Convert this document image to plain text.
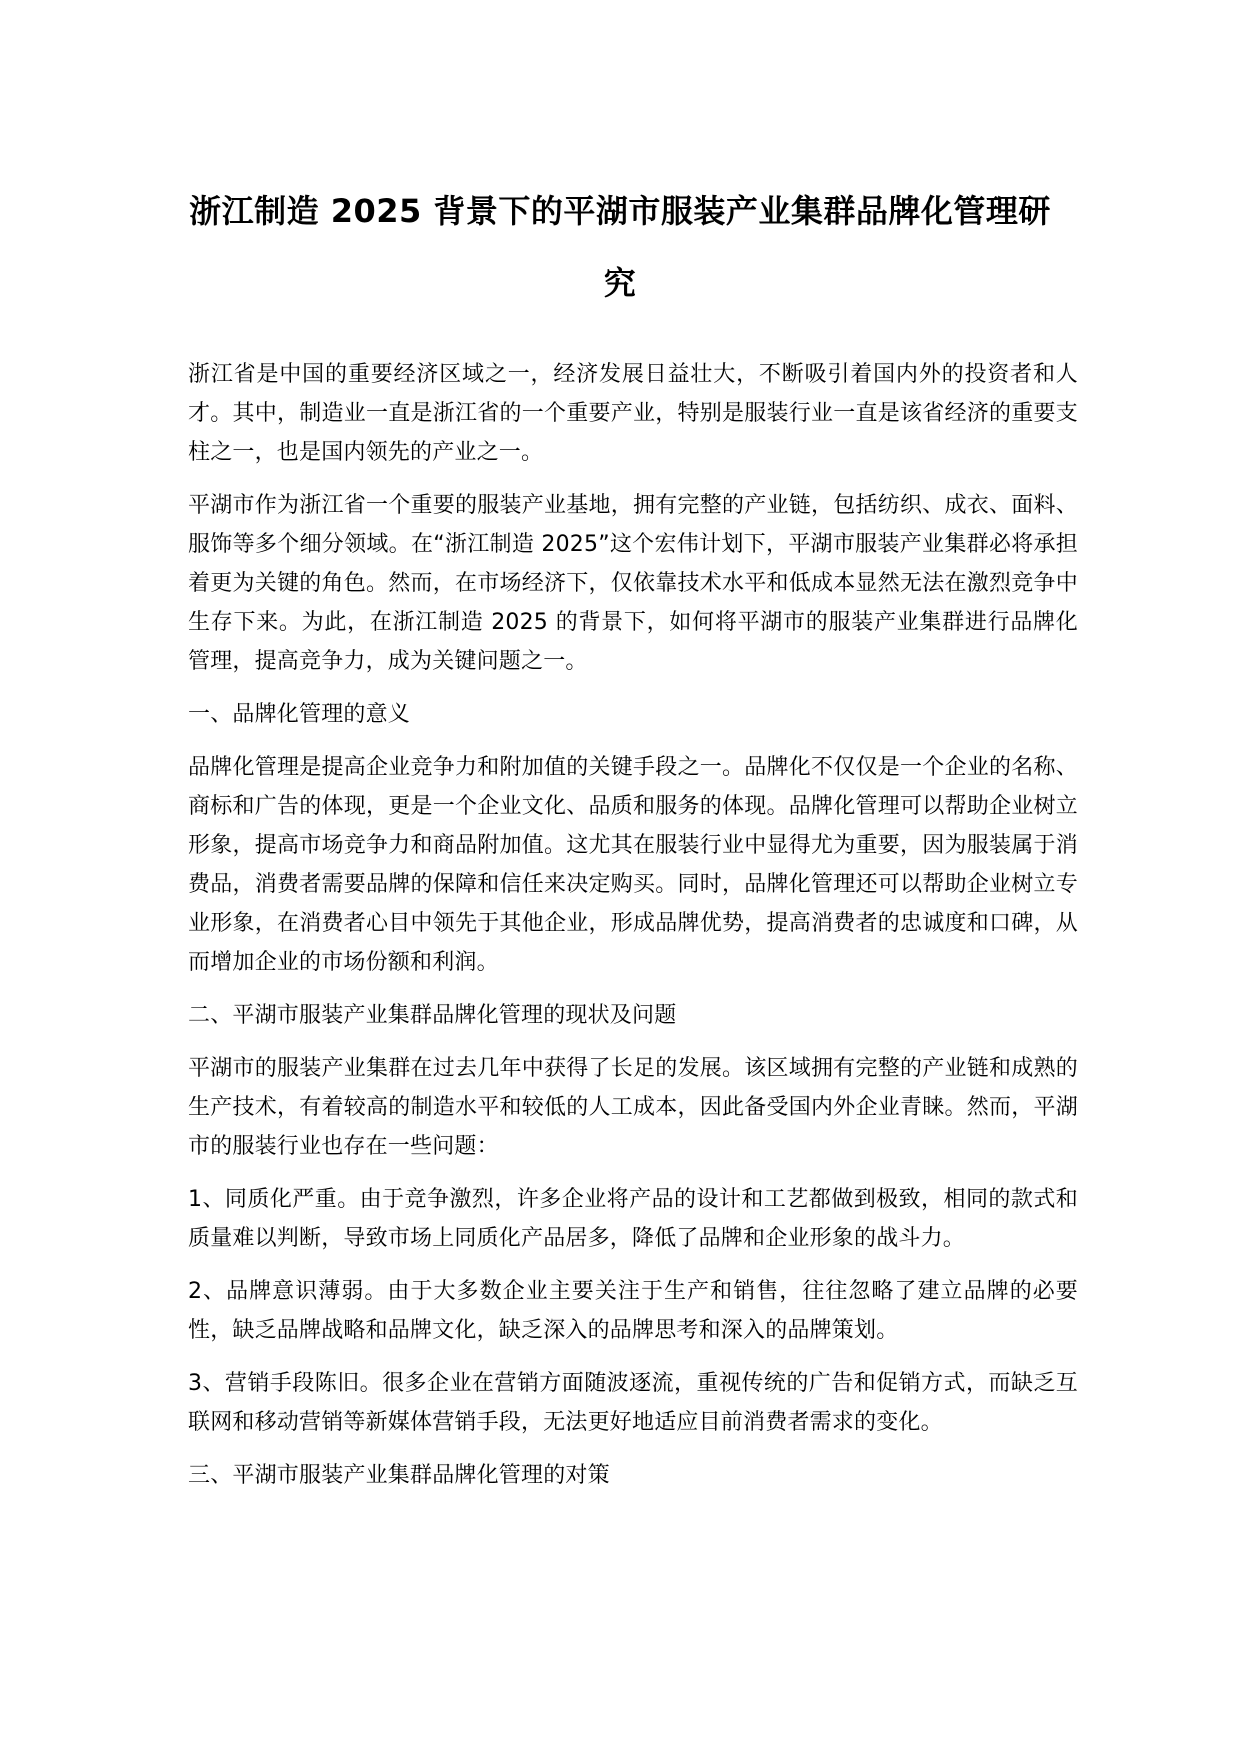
浙江制造 2025 背景下的平湖市服装产业集群品牌化管理研究

浙江省是中国的重要经济区域之一，经济发展日益壮大，不断吸引着国内外的投资者和人才。其中，制造业一直是浙江省的一个重要产业，特别是服装行业一直是该省经济的重要支柱之一，也是国内领先的产业之一。

平湖市作为浙江省一个重要的服装产业基地，拥有完整的产业链，包括纺织、成衣、面料、服饰等多个细分领域。在“浙江制造 2025”这个宏伟计划下，平湖市服装产业集群必将承担着更为关键的角色。然而，在市场经济下，仅依靠技术水平和低成本显然无法在激烈竞争中生存下来。为此，在浙江制造 2025 的背景下，如何将平湖市的服装产业集群进行品牌化管理，提高竞争力，成为关键问题之一。

一、品牌化管理的意义

品牌化管理是提高企业竞争力和附加值的关键手段之一。品牌化不仅仅是一个企业的名称、商标和广告的体现，更是一个企业文化、品质和服务的体现。品牌化管理可以帮助企业树立形象，提高市场竞争力和商品附加值。这尤其在服装行业中显得尤为重要，因为服装属于消费品，消费者需要品牌的保障和信任来决定购买。同时，品牌化管理还可以帮助企业树立专业形象，在消费者心目中领先于其他企业，形成品牌优势，提高消费者的忠诚度和口碑，从而增加企业的市场份额和利润。

二、平湖市服装产业集群品牌化管理的现状及问题

平湖市的服装产业集群在过去几年中获得了长足的发展。该区域拥有完整的产业链和成熟的生产技术，有着较高的制造水平和较低的人工成本，因此备受国内外企业青睐。然而，平湖市的服装行业也存在一些问题：

1、同质化严重。由于竞争激烈，许多企业将产品的设计和工艺都做到极致，相同的款式和质量难以判断，导致市场上同质化产品居多，降低了品牌和企业形象的战斗力。

2、品牌意识薄弱。由于大多数企业主要关注于生产和销售，往往忽略了建立品牌的必要性，缺乏品牌战略和品牌文化，缺乏深入的品牌思考和深入的品牌策划。

3、营销手段陈旧。很多企业在营销方面随波逐流，重视传统的广告和促销方式，而缺乏互联网和移动营销等新媒体营销手段，无法更好地适应目前消费者需求的变化。

三、平湖市服装产业集群品牌化管理的对策
